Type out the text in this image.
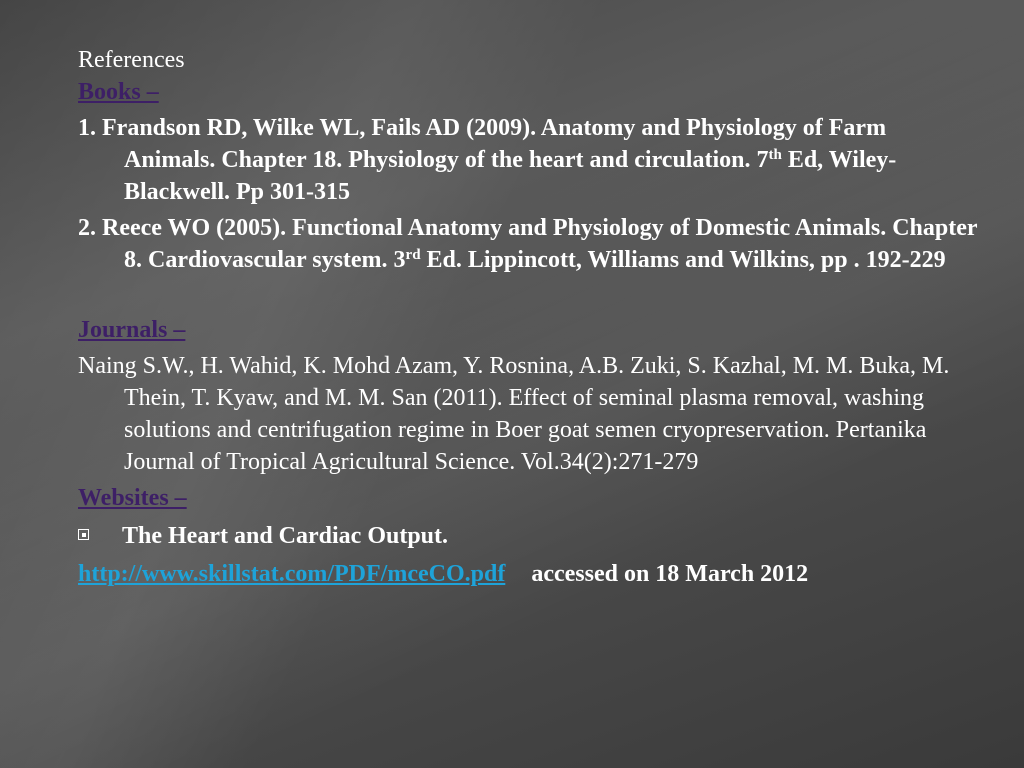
References

Books –

1. Frandson RD, Wilke WL, Fails AD (2009). Anatomy and Physiology of Farm Animals. Chapter 18. Physiology of the heart and circulation. 7th Ed, Wiley-Blackwell. Pp 301-315

2. Reece WO (2005). Functional Anatomy and Physiology of Domestic Animals. Chapter 8. Cardiovascular system. 3rd Ed. Lippincott, Williams and Wilkins, pp . 192-229

Journals –

Naing S.W., H. Wahid, K. Mohd Azam, Y. Rosnina, A.B. Zuki, S. Kazhal, M. M. Buka, M. Thein, T. Kyaw, and M. M. San (2011). Effect of seminal plasma removal, washing solutions and centrifugation regime in Boer goat semen cryopreservation. Pertanika Journal of Tropical Agricultural Science. Vol.34(2):271-279

Websites –

The Heart and Cardiac Output.
http://www.skillstat.com/PDF/mceCO.pdf accessed on 18 March 2012
